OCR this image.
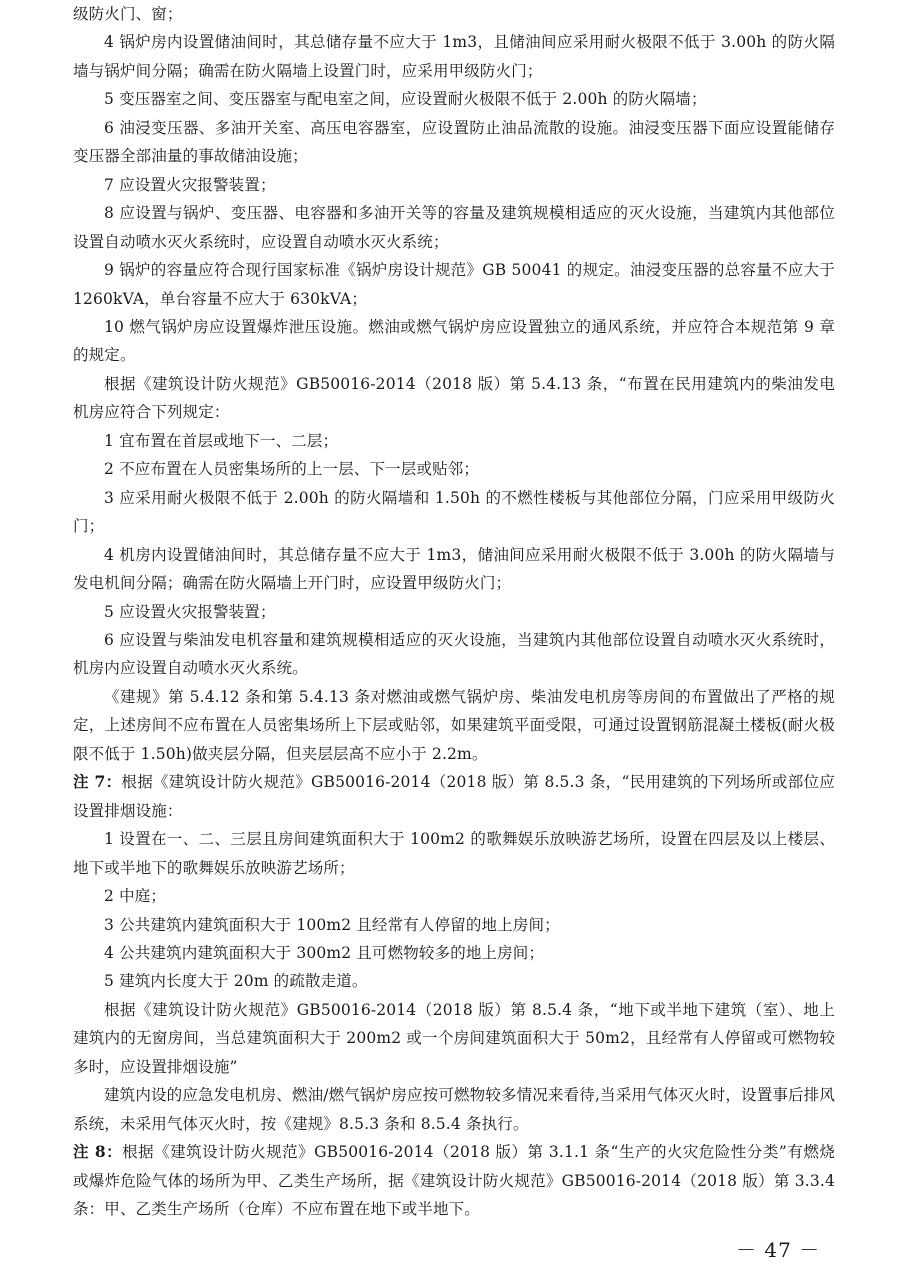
级防火门、窗；

4 锅炉房内设置储油间时，其总储存量不应大于 1m3，且储油间应采用耐火极限不低于 3.00h 的防火隔墙与锅炉间分隔；确需在防火隔墙上设置门时，应采用甲级防火门；

5 变压器室之间、变压器室与配电室之间，应设置耐火极限不低于 2.00h 的防火隔墙；

6 油浸变压器、多油开关室、高压电容器室，应设置防止油品流散的设施。油浸变压器下面应设置能储存变压器全部油量的事故储油设施；

7 应设置火灾报警装置；

8 应设置与锅炉、变压器、电容器和多油开关等的容量及建筑规模相适应的灭火设施，当建筑内其他部位设置自动喷水灭火系统时，应设置自动喷水灭火系统；

9 锅炉的容量应符合现行国家标准《锅炉房设计规范》GB 50041 的规定。油浸变压器的总容量不应大于 1260kVA，单台容量不应大于 630kVA；

10 燃气锅炉房应设置爆炸泄压设施。燃油或燃气锅炉房应设置独立的通风系统，并应符合本规范第 9 章的规定。

根据《建筑设计防火规范》GB50016-2014（2018 版）第 5.4.13 条，“布置在民用建筑内的柴油发电机房应符合下列规定：

1 宜布置在首层或地下一、二层；

2 不应布置在人员密集场所的上一层、下一层或贴邻；

3 应采用耐火极限不低于 2.00h 的防火隔墙和 1.50h 的不燃性楼板与其他部位分隔，门应采用甲级防火门；

4 机房内设置储油间时，其总储存量不应大于 1m3，储油间应采用耐火极限不低于 3.00h 的防火隔墙与发电机间分隔；确需在防火隔墙上开门时，应设置甲级防火门；

5 应设置火灾报警装置；

6 应设置与柴油发电机容量和建筑规模相适应的灭火设施，当建筑内其他部位设置自动喷水灭火系统时，机房内应设置自动喷水灭火系统。

《建规》第 5.4.12 条和第 5.4.13 条对燃油或燃气锅炉房、柴油发电机房等房间的布置做出了严格的规定，上述房间不应布置在人员密集场所上下层或贴邻，如果建筑平面受限，可通过设置钢筋混凝土楼板(耐火极限不低于 1.50h)做夹层分隔，但夹层层高不应小于 2.2m。

注 7：根据《建筑设计防火规范》GB50016-2014（2018 版）第 8.5.3 条，“民用建筑的下列场所或部位应设置排烟设施：

1 设置在一、二、三层且房间建筑面积大于 100m2 的歌舞娱乐放映游艺场所，设置在四层及以上楼层、地下或半地下的歌舞娱乐放映游艺场所；

2 中庭；

3 公共建筑内建筑面积大于 100m2 且经常有人停留的地上房间；

4 公共建筑内建筑面积大于 300m2 且可燃物较多的地上房间；

5 建筑内长度大于 20m 的疏散走道。

根据《建筑设计防火规范》GB50016-2014（2018 版）第 8.5.4 条，“地下或半地下建筑（室）、地上建筑内的无窗房间，当总建筑面积大于 200m2 或一个房间建筑面积大于 50m2，且经常有人停留或可燃物较多时，应设置排烟设施”

建筑内设的应急发电机房、燃油/燃气锅炉房应按可燃物较多情况来看待,当采用气体灭火时，设置事后排风系统，未采用气体灭火时，按《建规》8.5.3 条和 8.5.4 条执行。

注 8：根据《建筑设计防火规范》GB50016-2014（2018 版）第 3.1.1 条“生产的火灾危险性分类”有燃烧或爆炸危险气体的场所为甲、乙类生产场所，据《建筑设计防火规范》GB50016-2014（2018 版）第 3.3.4 条：甲、乙类生产场所（仓库）不应布置在地下或半地下。

－ 47 －
